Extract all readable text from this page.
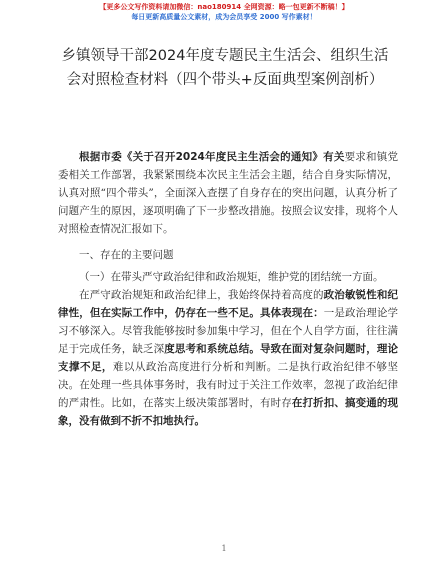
【更多公文写作资料请加微信：nao180914 全网资源：略一包更新不断稿！】
每日更新高质量公文素材，成为会员享受 2000 写作素材！
乡镇领导干部2024年度专题民主生活会、组织生活会对照检查材料（四个带头+反面典型案例剖析）

根据市委《关于召开2024年度民主生活会的通知》有关要求和镇党委相关工作部署，我紧紧围绕本次民主生活会主题，结合自身实际情况，认真对照“四个带头”，全面深入查摆了自身存在的突出问题，认真分析了问题产生的原因，逐项明确了下一步整改措施。按照会议安排，现将个人对照检查情况汇报如下。

一、存在的主要问题

（一）在带头严守政治纪律和政治规矩，维护党的团结统一方面。

在严守政治规矩和政治纪律上，我始终保持着高度的政治敏锐性和纪律性，但在实际工作中，仍存在一些不足。具体表现在：一是政治理论学习不够深入。尽管我能够按时参加集中学习，但在个人自学方面，往往满足于完成任务，缺乏深度思考和系统总结。导致在面对复杂问题时，理论支撑不足，难以从政治高度进行分析和判断。二是执行政治纪律不够坚决。在处理一些具体事务时，我有时过于关注工作效率，忽视了政治纪律的严肃性。比如，在落实上级决策部署时，有时存在打折扣、搞变通的现象，没有做到不折不扣地执行。

1
